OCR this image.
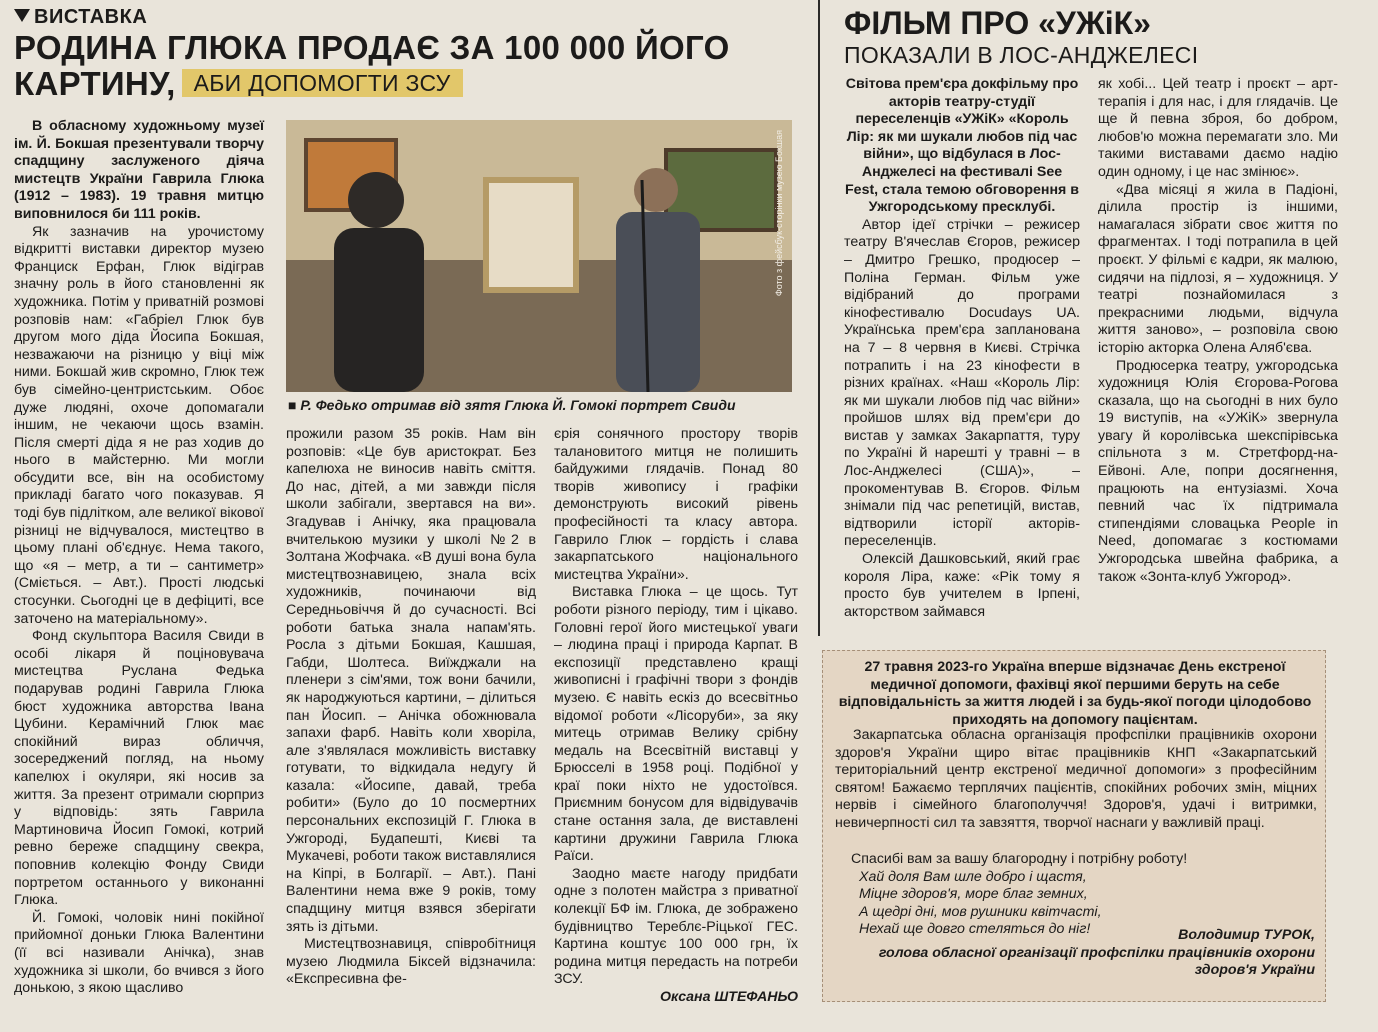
ВИСТАВКА
РОДИНА ГЛЮКА ПРОДАЄ ЗА 100 000 ЙОГО КАРТИНУ, АБИ ДОПОМОГТИ ЗСУ

В обласному художньому музеї ім. Й. Бокшая презентували творчу спадщину заслуженого діяча мистецтв України Гаврила Глюка (1912 – 1983). 19 травня митцю виповнилося би 111 років.

Як зазначив на урочистому відкритті виставки директор музею Франциск Ерфан, Глюк відіграв значну роль в його становленні як художника. Потім у приватній розмові розповів нам: «Габріел Глюк був другом мого діда Йосипа Бокшая, незважаючи на різницю у віці між ними. Бокшай жив скромно, Глюк теж був сімейно-центристським. Обоє дуже людяні, охоче допомагали іншим, не чекаючи щось взамін. Після смерті діда я не раз ходив до нього в майстерню. Ми могли обсудити все, він на особистому прикладі багато чого показував. Я тоді був підлітком, але великої вікової різниці не відчувалося, мистецтво в цьому плані об'єднує. Нема такого, що «я – метр, а ти – сантиметр» (Сміється. – Авт.). Прості людські стосунки. Сьогодні це в дефіциті, все заточено на матеріальному».

Фонд скульптора Василя Свиди в особі лікаря й поціновувача мистецтва Руслана Федька подарував родині Гаврила Глюка бюст художника авторства Івана Цубини. Керамічний Глюк має спокійний вираз обличчя, зосереджений погляд, на ньому капелюх і окуляри, які носив за життя. За презент отримали сюрприз у відповідь: зять Гаврила Мартиновича Йосип Гомокі, котрий ревно береже спадщину свекра, поповнив колекцію Фонду Свиди портретом останнього у виконанні Глюка.

Й. Гомокі, чоловік нині покійної прийомної доньки Глюка Валентини (її всі називали Анічка), знав художника зі школи, бо вчився з його донькою, з якою щасливо

Фото з фейсбук-сторінки музею Бокшая
■ Р. Федько отримав від зятя Глюка Й. Гомокі портрет Свиди

прожили разом 35 років. Нам він розповів: «Це був аристократ. Без капелюха не виносив навіть сміття. До нас, дітей, а ми завжди після школи забігали, звертався на ви». Згадував і Анічку, яка працювала вчителькою музики у школі №2 в Золтана Жофчака. «В душі вона була мистецтвознавицею, знала всіх художників, починаючи від Середньовіччя й до сучасності. Всі роботи батька знала напам'ять. Росла з дітьми Бокшая, Кашшая, Габди, Шолтеса. Виїжджали на пленери з сім'ями, тож вони бачили, як народжуються картини, – ділиться пан Йосип. – Анічка обожнювала запахи фарб. Навіть коли хворіла, але з'являлася можливість виставку готувати, то відкидала недугу й казала: «Йосипе, давай, треба робити» (Було до 10 посмертних персональних експозицій Г. Глюка в Ужгороді, Будапешті, Києві та Мукачеві, роботи також виставлялися на Кіпрі, в Болгарії. – Авт.). Пані Валентини нема вже 9 років, тому спадщину митця взявся зберігати зять із дітьми.

Мистецтвознавиця, співробітниця музею Людмила Біксей відзначила: «Експресивна фе-

єрія сонячного простору творів талановитого митця не полишить байдужими глядачів. Понад 80 творів живопису і графіки демонструють високий рівень професійності та класу автора. Гаврило Глюк – гордість і слава закарпатського національного мистецтва України».

Виставка Глюка – це щось. Тут роботи різного періоду, тим і цікаво. Головні герої його мистецької уваги – людина праці і природа Карпат. В експозиції представлено кращі живописні і графічні твори з фондів музею. Є навіть ескіз до всесвітньо відомої роботи «Лісоруби», за яку митець отримав Велику срібну медаль на Всесвітній виставці у Брюсселі в 1958 році. Подібної у краї поки ніхто не удостоївся. Приємним бонусом для відвідувачів стане остання зала, де виставлені картини дружини Гаврила Глюка Раїси.

Заодно маєте нагоду придбати одне з полотен майстра з приватної колекції БФ ім. Глюка, де зображено будівництво Тереблє-Ріцької ГЕС. Картина коштує 100 000 грн, їх родина митця передасть на потреби ЗСУ.

Оксана ШТЕФАНЬО

ФІЛЬМ ПРО «УЖіК»
ПОКАЗАЛИ В ЛОС-АНДЖЕЛЕСІ

Світова прем'єра докфільму про акторів театру-студії переселенців «УЖіК» «Король Лір: як ми шукали любов під час війни», що відбулася в Лос-Анджелесі на фестивалі See Fest, стала темою обговорення в Ужгородському пресклубі.

Автор ідеї стрічки – режисер театру В'ячеслав Єгоров, режисер – Дмитро Грешко, продюсер – Поліна Герман. Фільм уже відібраний до програми кінофестивалю Docudays UA. Українська прем'єра запланована на 7 – 8 червня в Києві. Стрічка потрапить і на 23 кінофести в різних країнах. «Наш «Король Лір: як ми шукали любов під час війни» пройшов шлях від прем'єри до вистав у замках Закарпаття, туру по Україні й нарешті у травні – в Лос-Анджелесі (США)», – прокоментував В. Єгоров. Фільм знімали під час репетицій, вистав, відтворили історії акторів-переселенців.

Олексій Дашковський, який грає короля Ліра, каже: «Рік тому я просто був учителем в Ірпені, акторством займався

як хобі... Цей театр і проєкт – арт-терапія і для нас, і для глядачів. Це ще й певна зброя, бо добром, любов'ю можна перемагати зло. Ми такими виставами даємо надію один одному, і це нас змінює».

«Два місяці я жила в Падіоні, ділила простір із іншими, намагалася зібрати своє життя по фрагментах. І тоді потрапила в цей проєкт. У фільмі є кадри, як малюю, сидячи на підлозі, я – художниця. У театрі познайомилася з прекрасними людьми, відчула життя заново», – розповіла свою історію акторка Олена Аляб'єва.

Продюсерка театру, ужгородська художниця Юлія Єгорова-Рогова сказала, що на сьогодні в них було 19 виступів, на «УЖіК» звернула увагу й королівська шекспірівська спільнота з м. Стретфорд-на-Ейвоні. Але, попри досягнення, працюють на ентузіазмі. Хоча певний час їх підтримала стипендіями словацька People in Need, допомагає з костюмами Ужгородська швейна фабрика, а також «Зонта-клуб Ужгород».

27 травня 2023-го Україна вперше відзначає День екстреної медичної допомоги, фахівці якої першими беруть на себе відповідальність за життя людей і за будь-якої погоди цілодобово приходять на допомогу пацієнтам.

Закарпатська обласна організація профспілки працівників охорони здоров'я України щиро вітає працівників КНП «Закарпатський територіальний центр екстреної медичної допомоги» з професійним святом! Бажаємо терплячих пацієнтів, спокійних робочих змін, міцних нервів і сімейного благополуччя! Здоров'я, удачі і витримки, невичерпності сил та завзяття, творчої наснаги у важливій праці.

Спасибі вам за вашу благородну і потрібну роботу!
Хай доля Вам шле добро і щастя,
Міцне здоров'я, море благ земних,
А щедрі дні, мов рушники квітчасті,
Нехай ще довго стеляться до ніг!	Володимир ТУРОК,
голова обласної організації профспілки працівників охорони здоров'я України
